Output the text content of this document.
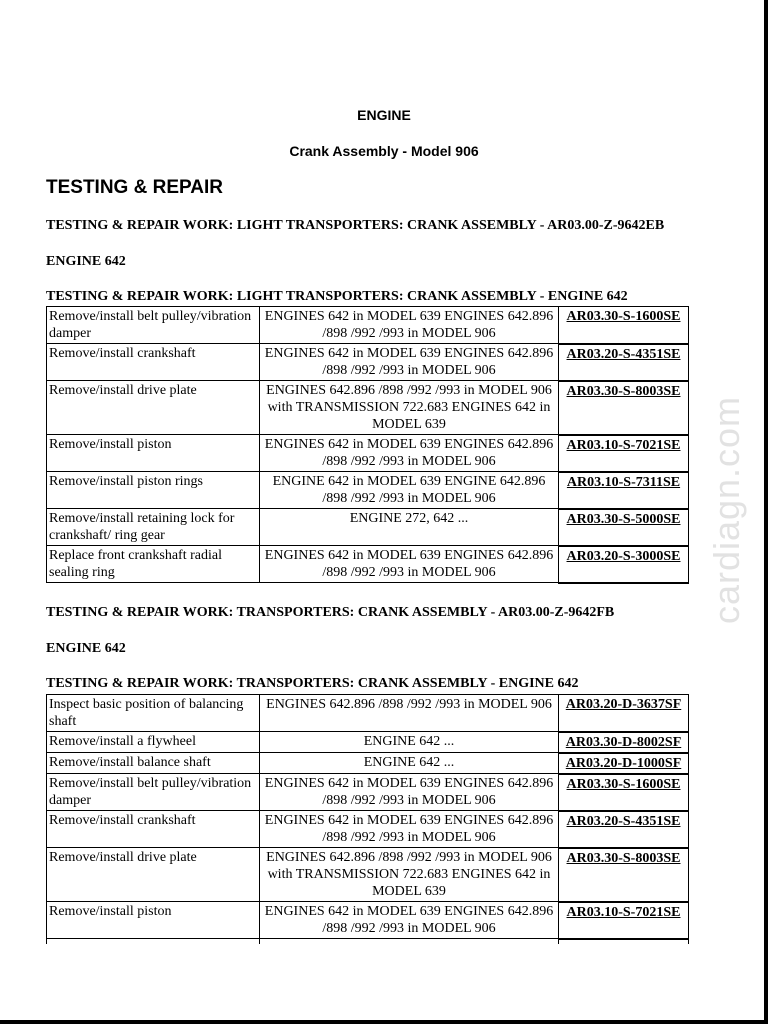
ENGINE
Crank Assembly - Model 906
TESTING & REPAIR
TESTING & REPAIR WORK: LIGHT TRANSPORTERS: CRANK ASSEMBLY - AR03.00-Z-9642EB
ENGINE 642
TESTING & REPAIR WORK: LIGHT TRANSPORTERS: CRANK ASSEMBLY - ENGINE 642
Remove/install belt pulley/vibration damper	ENGINES 642 in MODEL 639 ENGINES 642.896 /898 /992 /993 in MODEL 906	AR03.30-S-1600SE
Remove/install crankshaft	ENGINES 642 in MODEL 639 ENGINES 642.896 /898 /992 /993 in MODEL 906	AR03.20-S-4351SE
Remove/install drive plate	ENGINES 642.896 /898 /992 /993 in MODEL 906 with TRANSMISSION 722.683 ENGINES 642 in MODEL 639	AR03.30-S-8003SE
Remove/install piston	ENGINES 642 in MODEL 639 ENGINES 642.896 /898 /992 /993 in MODEL 906	AR03.10-S-7021SE
Remove/install piston rings	ENGINE 642 in MODEL 639 ENGINE 642.896 /898 /992 /993 in MODEL 906	AR03.10-S-7311SE
Remove/install retaining lock for crankshaft/ ring gear	ENGINE 272, 642 ...	AR03.30-S-5000SE
Replace front crankshaft radial sealing ring	ENGINES 642 in MODEL 639 ENGINES 642.896 /898 /992 /993 in MODEL 906	AR03.20-S-3000SE
TESTING & REPAIR WORK: TRANSPORTERS: CRANK ASSEMBLY - AR03.00-Z-9642FB
ENGINE 642
TESTING & REPAIR WORK: TRANSPORTERS: CRANK ASSEMBLY - ENGINE 642
Inspect basic position of balancing shaft	ENGINES 642.896 /898 /992 /993 in MODEL 906	AR03.20-D-3637SF
Remove/install a flywheel	ENGINE 642 ...	AR03.30-D-8002SF
Remove/install balance shaft	ENGINE 642 ...	AR03.20-D-1000SF
Remove/install belt pulley/vibration damper	ENGINES 642 in MODEL 639 ENGINES 642.896 /898 /992 /993 in MODEL 906	AR03.30-S-1600SE
Remove/install crankshaft	ENGINES 642 in MODEL 639 ENGINES 642.896 /898 /992 /993 in MODEL 906	AR03.20-S-4351SE
Remove/install drive plate	ENGINES 642.896 /898 /992 /993 in MODEL 906 with TRANSMISSION 722.683 ENGINES 642 in MODEL 639	AR03.30-S-8003SE
Remove/install piston	ENGINES 642 in MODEL 639 ENGINES 642.896 /898 /992 /993 in MODEL 906	AR03.10-S-7021SE

cardiagn.com
